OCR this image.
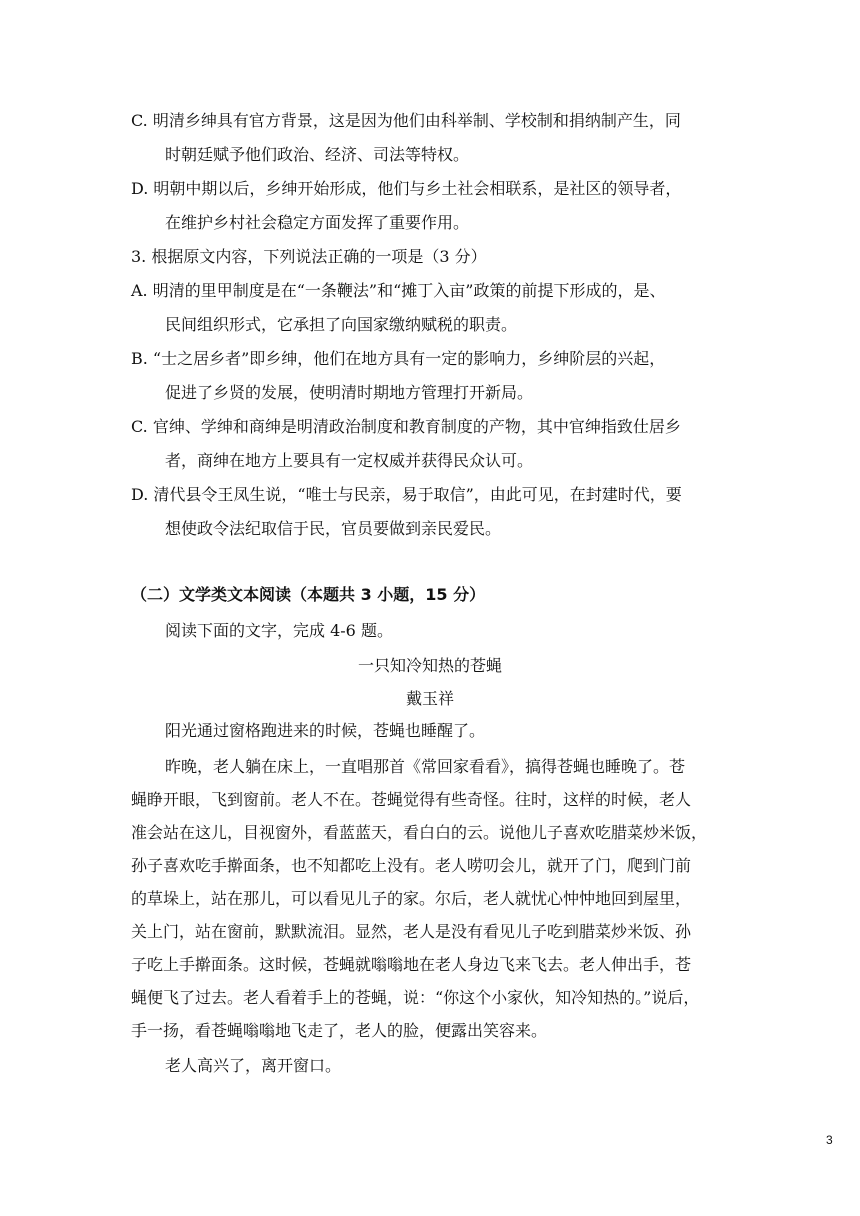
C. 明清乡绅具有官方背景，这是因为他们由科举制、学校制和捐纳制产生，同
时朝廷赋予他们政治、经济、司法等特权。
D. 明朝中期以后，乡绅开始形成，他们与乡土社会相联系，是社区的领导者，
在维护乡村社会稳定方面发挥了重要作用。
3. 根据原文内容，下列说法正确的一项是（3 分）
A. 明清的里甲制度是在“一条鞭法”和“摊丁入亩”政策的前提下形成的，是、
民间组织形式，它承担了向国家缴纳赋税的职责。
B. “士之居乡者”即乡绅，他们在地方具有一定的影响力，乡绅阶层的兴起，
促进了乡贤的发展，使明清时期地方管理打开新局。
C. 官绅、学绅和商绅是明清政治制度和教育制度的产物，其中官绅指致仕居乡
者，商绅在地方上要具有一定权威并获得民众认可。
D. 清代县令王凤生说，“唯士与民亲，易于取信”，由此可见，在封建时代，要
想使政令法纪取信于民，官员要做到亲民爱民。
（二）文学类文本阅读（本题共 3 小题，15 分）
阅读下面的文字，完成 4-6 题。
一只知冷知热的苍蝇
戴玉祥
阳光通过窗格跑进来的时候，苍蝇也睡醒了。
昨晚，老人躺在床上，一直唱那首《常回家看看》，搞得苍蝇也睡晚了。苍
蝇睁开眼，飞到窗前。老人不在。苍蝇觉得有些奇怪。往时，这样的时候，老人
准会站在这儿，目视窗外，看蓝蓝天，看白白的云。说他儿子喜欢吃腊菜炒米饭，
孙子喜欢吃手擀面条，也不知都吃上没有。老人唠叨会儿，就开了门，爬到门前
的草垛上，站在那儿，可以看见儿子的家。尔后，老人就忧心忡忡地回到屋里，
关上门，站在窗前，默默流泪。显然，老人是没有看见儿子吃到腊菜炒米饭、孙
子吃上手擀面条。这时候，苍蝇就嗡嗡地在老人身边飞来飞去。老人伸出手，苍
蝇便飞了过去。老人看着手上的苍蝇，说：“你这个小家伙，知冷知热的。”说后，
手一扬，看苍蝇嗡嗡地飞走了，老人的脸，便露出笑容来。
老人高兴了，离开窗口。
3
